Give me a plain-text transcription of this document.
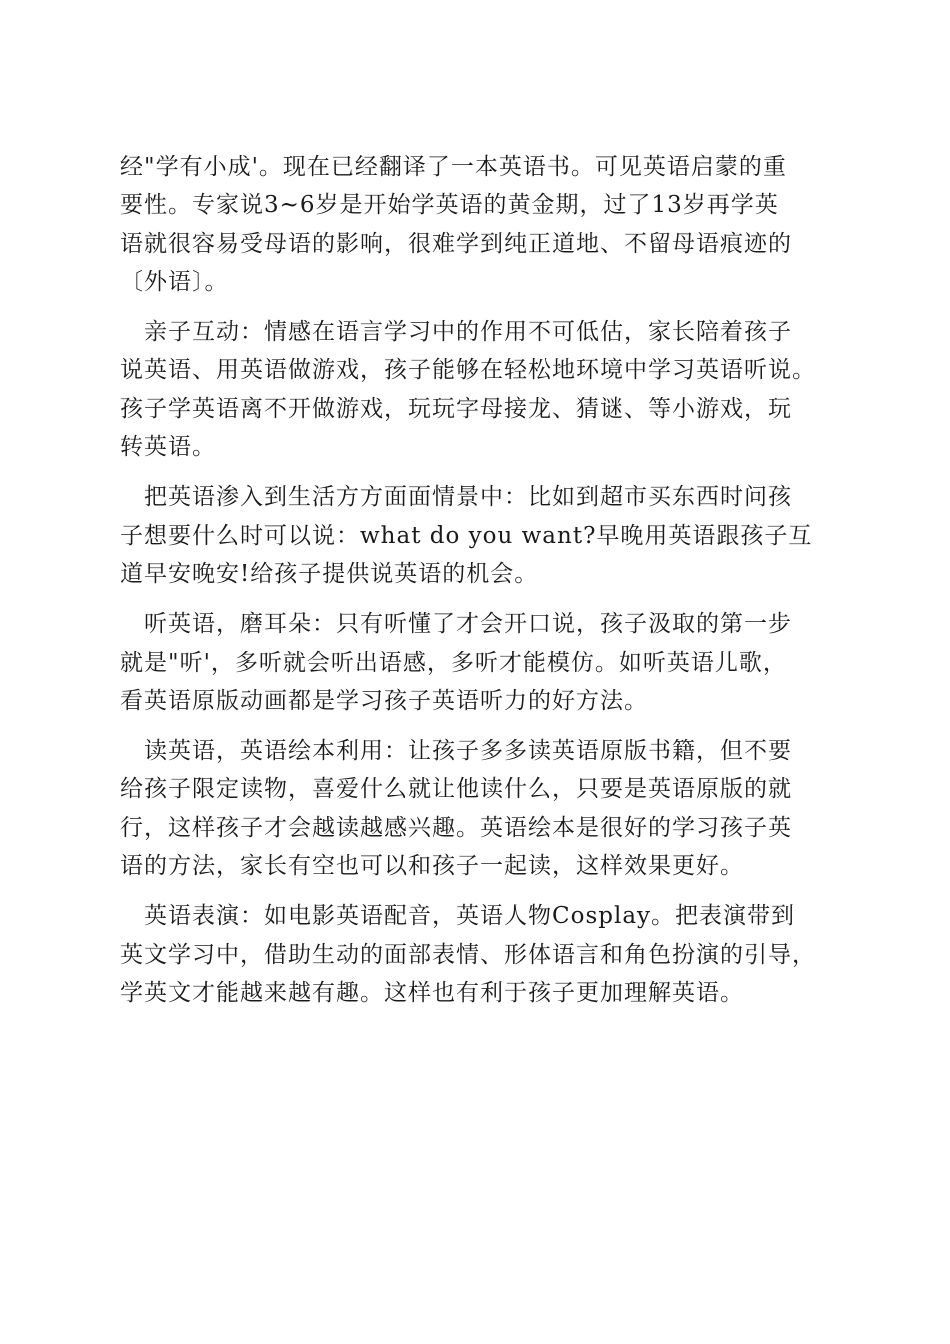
经"学有小成'。现在已经翻译了一本英语书。可见英语启蒙的重
要性。专家说3~6岁是开始学英语的黄金期，过了13岁再学英
语就很容易受母语的影响，很难学到纯正道地、不留母语痕迹的
〔外语〕。
亲子互动：情感在语言学习中的作用不可低估，家长陪着孩子
说英语、用英语做游戏，孩子能够在轻松地环境中学习英语听说。
孩子学英语离不开做游戏，玩玩字母接龙、猜谜、等小游戏，玩
转英语。
把英语渗入到生活方方面面情景中：比如到超市买东西时问孩
子想要什么时可以说：what do you want?早晚用英语跟孩子互
道早安晚安!给孩子提供说英语的机会。
听英语，磨耳朵：只有听懂了才会开口说，孩子汲取的第一步
就是"听'，多听就会听出语感，多听才能模仿。如听英语儿歌，
看英语原版动画都是学习孩子英语听力的好方法。
读英语，英语绘本利用：让孩子多多读英语原版书籍，但不要
给孩子限定读物，喜爱什么就让他读什么，只要是英语原版的就
行，这样孩子才会越读越感兴趣。英语绘本是很好的学习孩子英
语的方法，家长有空也可以和孩子一起读，这样效果更好。
英语表演：如电影英语配音，英语人物Cosplay。把表演带到
英文学习中，借助生动的面部表情、形体语言和角色扮演的引导，
学英文才能越来越有趣。这样也有利于孩子更加理解英语。
